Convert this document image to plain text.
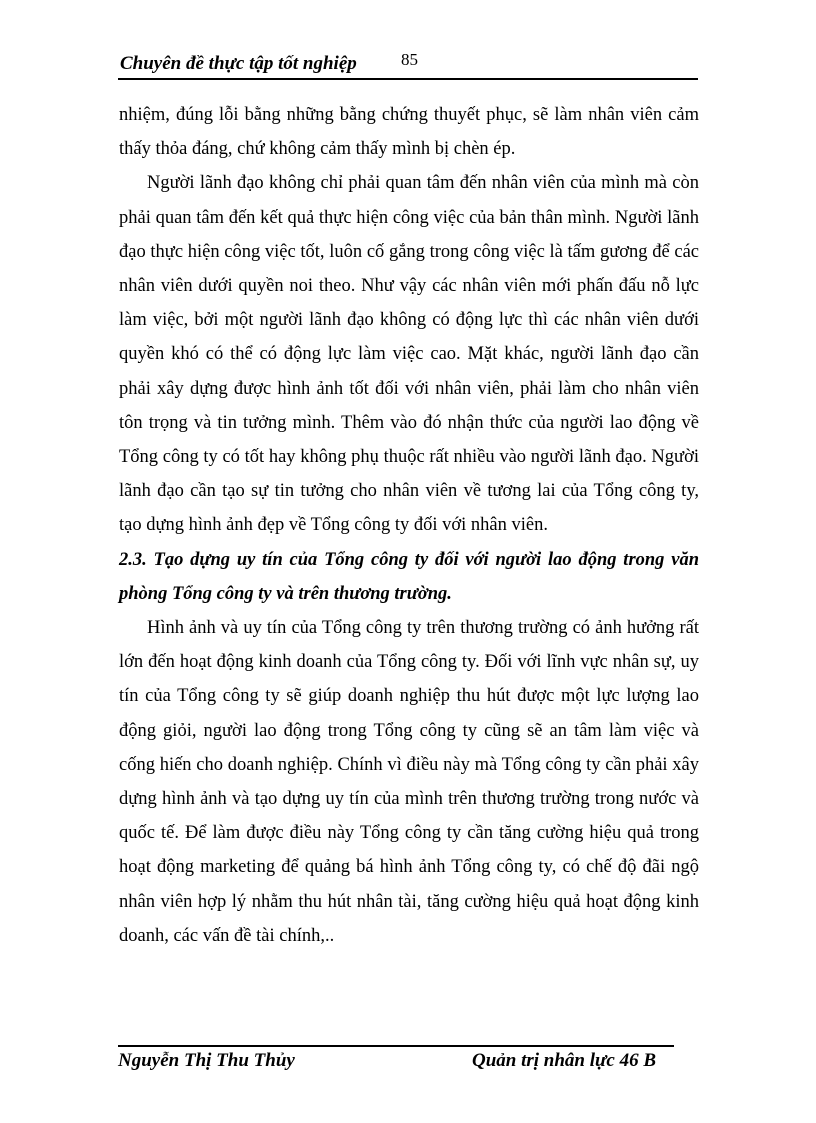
Chuyên đề thực tập tốt nghiệp	85

nhiệm, đúng lỗi bằng những bằng chứng thuyết phục, sẽ làm nhân viên cảm thấy thỏa đáng, chứ không cảm thấy mình bị chèn ép.

Người lãnh đạo không chỉ phải quan tâm đến nhân viên của mình mà còn phải quan tâm đến kết quả thực hiện công việc của bản thân mình. Người lãnh đạo thực hiện công việc tốt, luôn cố gắng trong công việc là tấm gương để các nhân viên dưới quyền noi theo. Như vậy các nhân viên mới phấn đấu nỗ lực làm việc, bởi một người lãnh đạo không có động lực thì các nhân viên dưới quyền khó có thể có động lực làm việc cao. Mặt khác, người lãnh đạo cần phải xây dựng được hình ảnh tốt đối với nhân viên, phải làm cho nhân viên tôn trọng và tin tưởng mình. Thêm vào đó nhận thức của người lao động về Tổng công ty có tốt hay không phụ thuộc rất nhiều vào người lãnh đạo. Người lãnh đạo cần tạo sự tin tưởng cho nhân viên về tương lai của Tổng công ty, tạo dựng hình ảnh đẹp về Tổng công ty đối với nhân viên.

2.3. Tạo dựng uy tín của Tổng công ty đối với người lao động trong văn phòng Tổng công ty và trên thương trường.

Hình ảnh và uy tín của Tổng công ty trên thương trường có ảnh hưởng rất lớn đến hoạt động kinh doanh của Tổng công ty. Đối với lĩnh vực nhân sự, uy tín của Tổng công ty sẽ giúp doanh nghiệp thu hút được một lực lượng lao động giỏi, người lao động trong Tổng công ty cũng sẽ an tâm làm việc và cống hiến cho doanh nghiệp. Chính vì điều này mà Tổng công ty cần phải xây dựng hình ảnh và tạo dựng uy tín của mình trên thương trường trong nước và quốc tế. Để làm được điều này Tổng công ty cần tăng cường hiệu quả trong hoạt động marketing để quảng bá hình ảnh Tổng công ty, có chế độ đãi ngộ nhân viên hợp lý nhằm thu hút nhân tài, tăng cường hiệu quả hoạt động kinh doanh, các vấn đề tài chính,..

Nguyễn Thị Thu Thủy	Quản trị nhân lực 46 B
